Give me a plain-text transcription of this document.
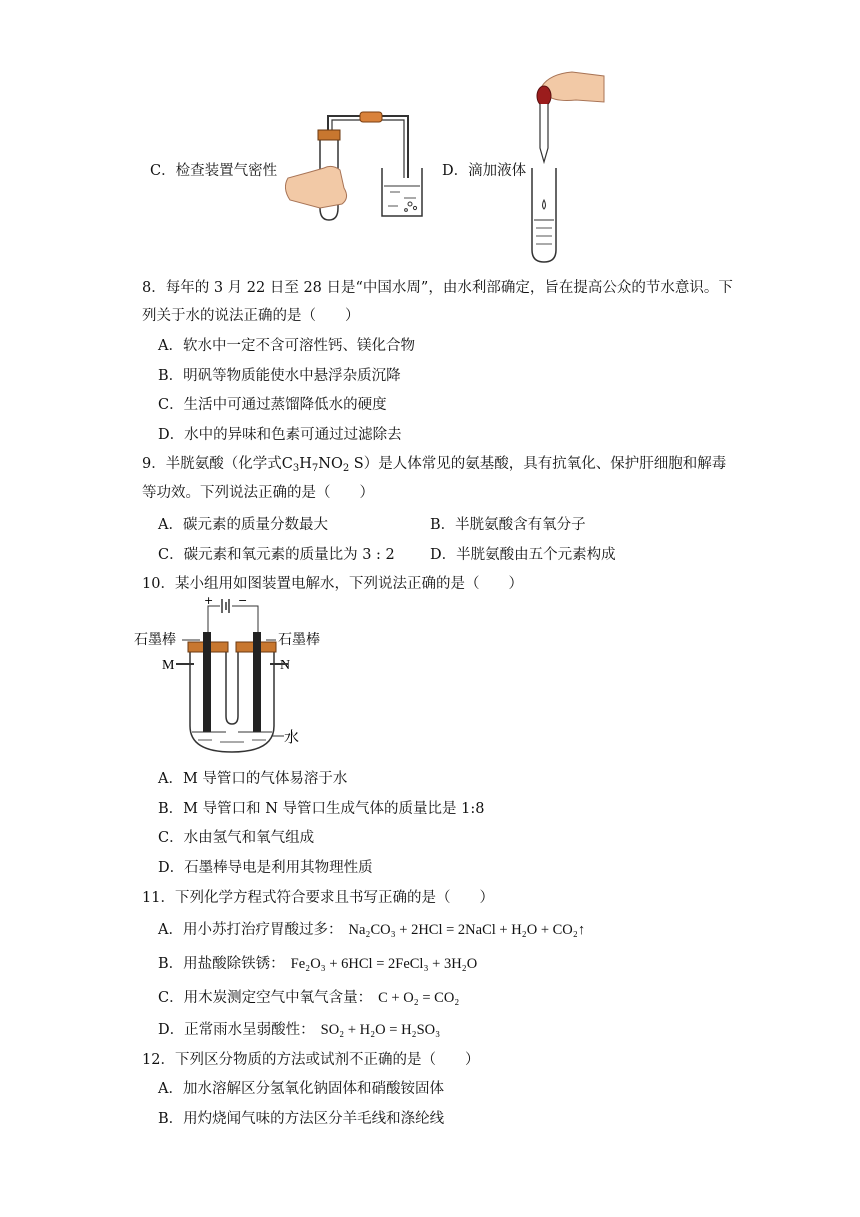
C．检查装置气密性	D．滴加液体
8．每年的 3 月 22 日至 28 日是“中国水周”，由水利部确定，旨在提高公众的节水意识。下
列关于水的说法正确的是（　　）
A．软水中一定不含可溶性钙、镁化合物
B．明矾等物质能使水中悬浮杂质沉降
C．生活中可通过蒸馏降低水的硬度
D．水中的异味和色素可通过过滤除去
9．半胱氨酸（化学式$C_3H_7NO_2$ S）是人体常见的氨基酸，具有抗氧化、保护肝细胞和解毒
等功效。下列说法正确的是（　　）
A．碳元素的质量分数最大	B．半胱氨酸含有氧分子
C．碳元素和氧元素的质量比为 3 : 2 D．半胱氨酸由五个元素构成
10．某小组用如图装置电解水，下列说法正确的是（　　）
+ −
石墨棒	石墨棒
M	N
水
A．M 导管口的气体易溶于水
B．M 导管口和 N 导管口生成气体的质量比是 1:8
C．水由氢气和氧气组成
D．石墨棒导电是利用其物理性质
11．下列化学方程式符合要求且书写正确的是（　　）
A．用小苏打治疗胃酸过多： Na₂CO₃ + 2HCl = 2NaCl + H₂O + CO₂↑
B．用盐酸除铁锈： Fe₂O₃ + 6HCl = 2FeCl₃ + 3H₂O
C．用木炭测定空气中氧气含量： C + O₂ = CO₂
D．正常雨水呈弱酸性： SO₂ + H₂O = H₂SO₃
12．下列区分物质的方法或试剂不正确的是（　　）
A．加水溶解区分氢氧化钠固体和硝酸铵固体
B．用灼烧闻气味的方法区分羊毛线和涤纶线
